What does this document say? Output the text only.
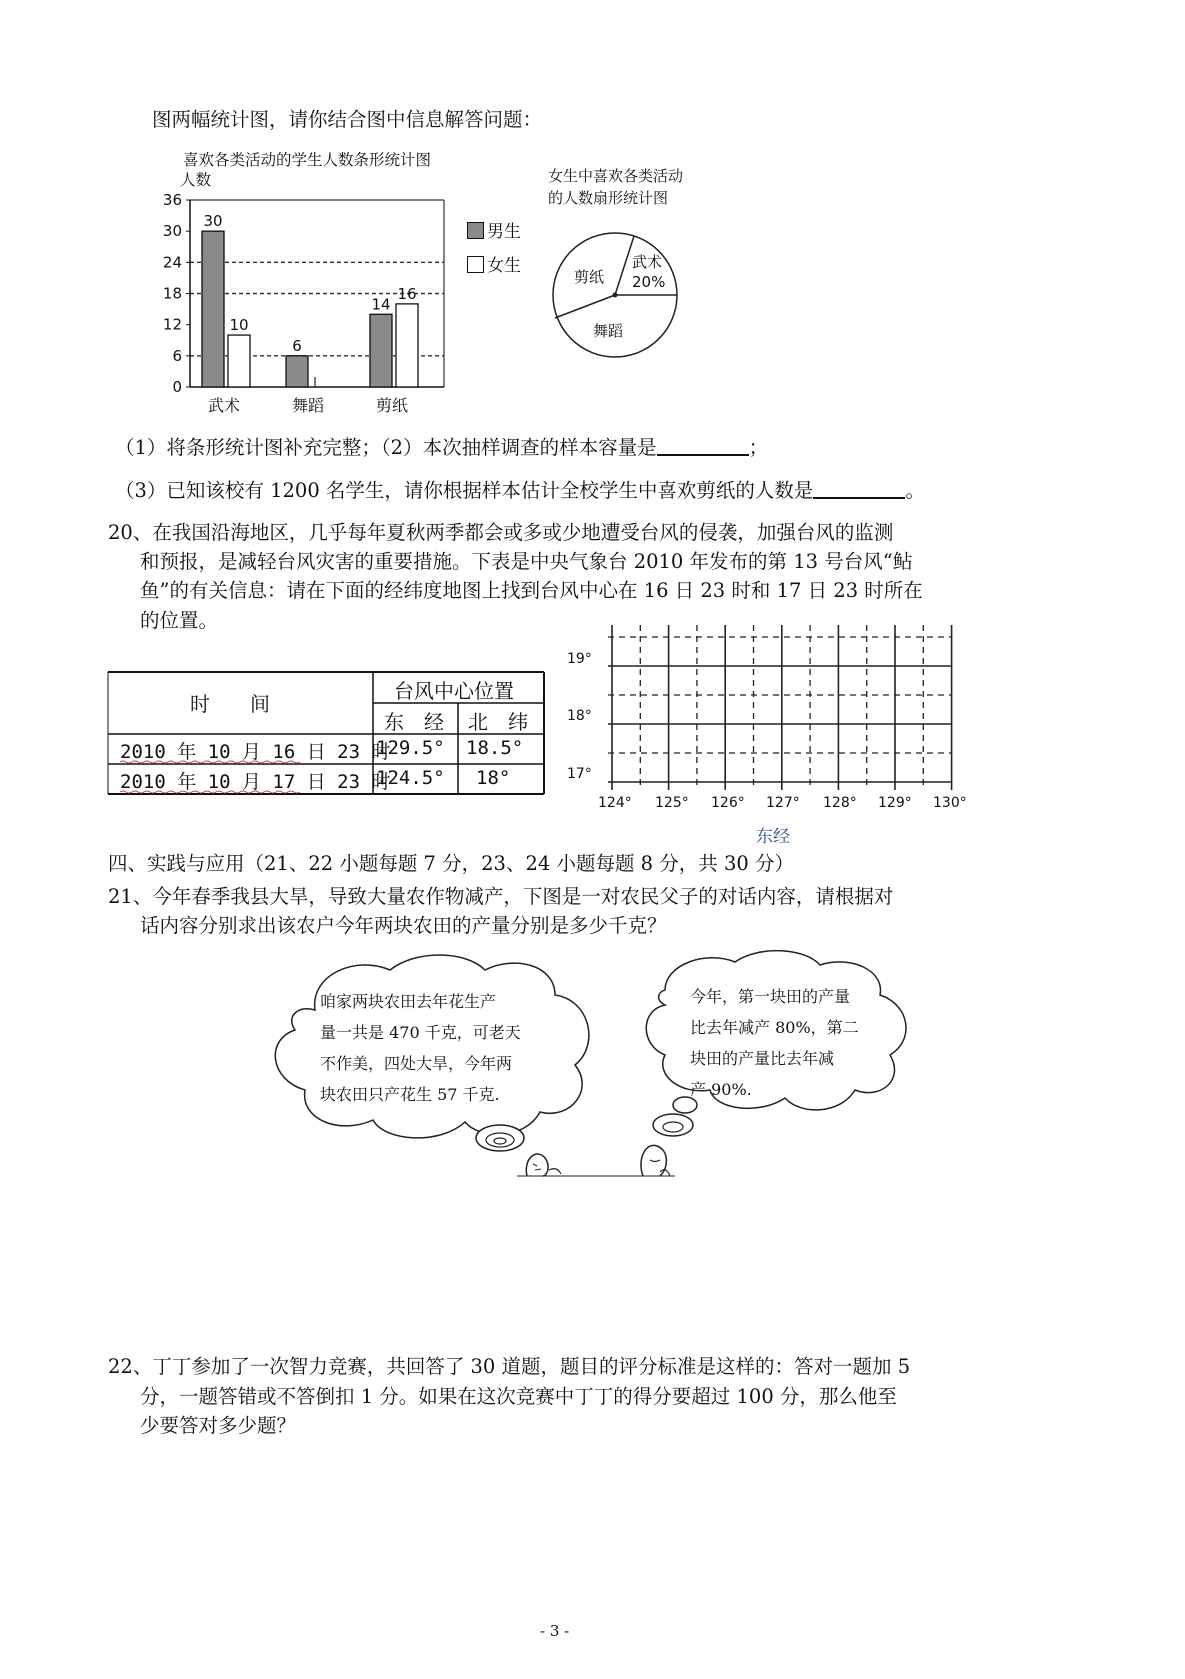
图两幅统计图，请你结合图中信息解答问题：
喜欢各类活动的学生人数条形统计图
人数
0
6
12
18
24
30
36
30
10
武术
6
舞蹈
14
16
剪纸
男生
女生
女生中喜欢各类活动
的人数扇形统计图
武术
20%
剪纸
舞蹈
（1）将条形统计图补充完整；（2）本次抽样调查的样本容量是	；
（3）已知该校有 1200 名学生，请你根据样本估计全校学生中喜欢剪纸的人数是	。
20、在我国沿海地区，几乎每年夏秋两季都会或多或少地遭受台风的侵袭，加强台风的监测
和预报，是减轻台风灾害的重要措施。下表是中央气象台 2010 年发布的第 13 号台风“鲇
鱼”的有关信息：请在下面的经纬度地图上找到台风中心在 16 日 23 时和 17 日 23 时所在
的位置。
时　　间
台风中心位置
东　经 北　纬
2010 年 10 月 16 日 23 时
129.5° 18.5°
2010 年 10 月 17 日 23 时
124.5° 18°
19°
18°
17°
124° 125° 126° 127° 128° 129° 130°
东经
四、实践与应用（21、22 小题每题 7 分，23、24 小题每题 8 分，共 30 分）
21、今年春季我县大旱，导致大量农作物减产，下图是一对农民父子的对话内容，请根据对
话内容分别求出该农户今年两块农田的产量分别是多少千克？
咱家两块农田去年花生产
量一共是 470 千克，可老天
不作美，四处大旱，今年两
块农田只产花生 57 千克.
今年，第一块田的产量
比去年减产 80%，第二
块田的产量比去年减
产 90%.
22、丁丁参加了一次智力竞赛，共回答了 30 道题，题目的评分标准是这样的：答对一题加 5
分，一题答错或不答倒扣 1 分。如果在这次竞赛中丁丁的得分要超过 100 分，那么他至
少要答对多少题？
- 3 -
